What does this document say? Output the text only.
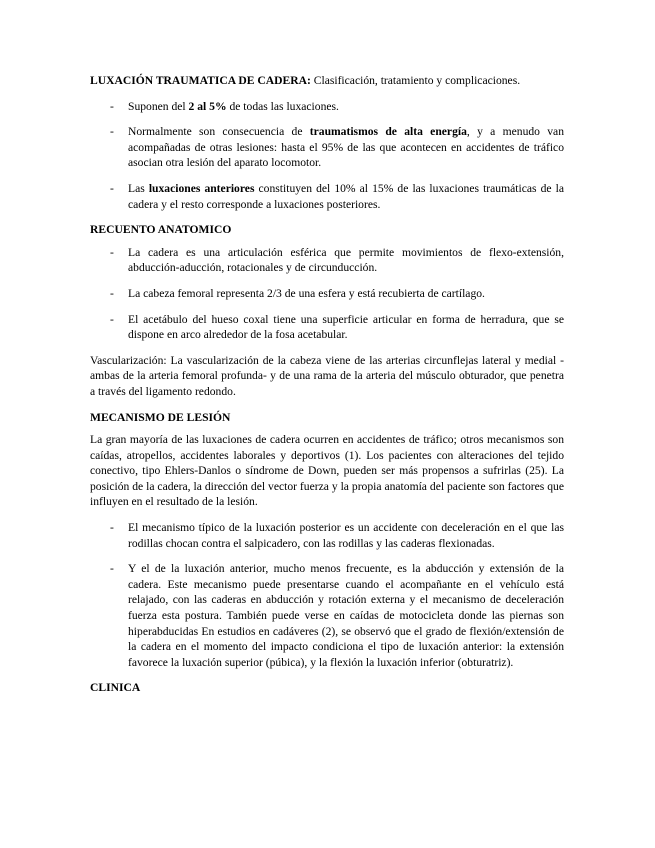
LUXACIÓN TRAUMATICA DE CADERA: Clasificación, tratamiento y complicaciones.

- Suponen del 2 al 5% de todas las luxaciones.
- Normalmente son consecuencia de traumatismos de alta energía, y a menudo van acompañadas de otras lesiones: hasta el 95% de las que acontecen en accidentes de tráfico asocian otra lesión del aparato locomotor.
- Las luxaciones anteriores constituyen del 10% al 15% de las luxaciones traumáticas de la cadera y el resto corresponde a luxaciones posteriores.
RECUENTO ANATOMICO
- La cadera es una articulación esférica que permite movimientos de flexo-extensión, abducción-aducción, rotacionales y de circunducción.
- La cabeza femoral representa 2/3 de una esfera y está recubierta de cartílago.
- El acetábulo del hueso coxal tiene una superficie articular en forma de herradura, que se dispone en arco alrededor de la fosa acetabular.

Vascularización: La vascularización de la cabeza viene de las arterias circunflejas lateral y medial -ambas de la arteria femoral profunda- y de una rama de la arteria del músculo obturador, que penetra a través del ligamento redondo.

MECANISMO DE LESIÓN

La gran mayoría de las luxaciones de cadera ocurren en accidentes de tráfico; otros mecanismos son caídas, atropellos, accidentes laborales y deportivos (1). Los pacientes con alteraciones del tejido conectivo, tipo Ehlers-Danlos o síndrome de Down, pueden ser más propensos a sufrirlas (25). La posición de la cadera, la dirección del vector fuerza y la propia anatomía del paciente son factores que influyen en el resultado de la lesión.

- El mecanismo típico de la luxación posterior es un accidente con deceleración en el que las rodillas chocan contra el salpicadero, con las rodillas y las caderas flexionadas.
- Y el de la luxación anterior, mucho menos frecuente, es la abducción y extensión de la cadera. Este mecanismo puede presentarse cuando el acompañante en el vehículo está relajado, con las caderas en abducción y rotación externa y el mecanismo de deceleración fuerza esta postura. También puede verse en caídas de motocicleta donde las piernas son hiperabducidas En estudios en cadáveres (2), se observó que el grado de flexión/extensión de la cadera en el momento del impacto condiciona el tipo de luxación anterior: la extensión favorece la luxación superior (púbica), y la flexión la luxación inferior (obturatriz).
CLINICA
